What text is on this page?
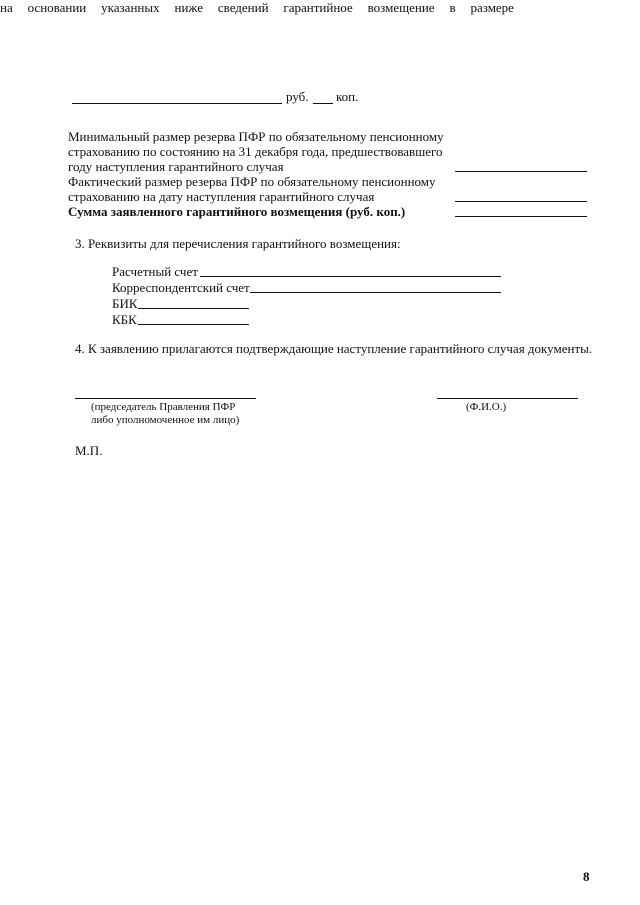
на основании указанных ниже сведений гарантийное возмещение в размере
руб. коп.
Минимальный размер резерва ПФР по обязательному пенсионному
страхованию по состоянию на 31 декабря года, предшествовавшего
году наступления гарантийного случая
Фактический размер резерва ПФР по обязательному пенсионному
страхованию на дату наступления гарантийного случая
Сумма заявленного гарантийного возмещения (руб. коп.)
3. Реквизиты для перечисления гарантийного возмещения:
Расчетный счет
Корреспондентский счет
БИК
КБК
4. К заявлению прилагаются подтверждающие наступление гарантийного случая документы.
(председатель Правления ПФР
либо уполномоченное им лицо)
(Ф.И.О.)
М.П.
8
